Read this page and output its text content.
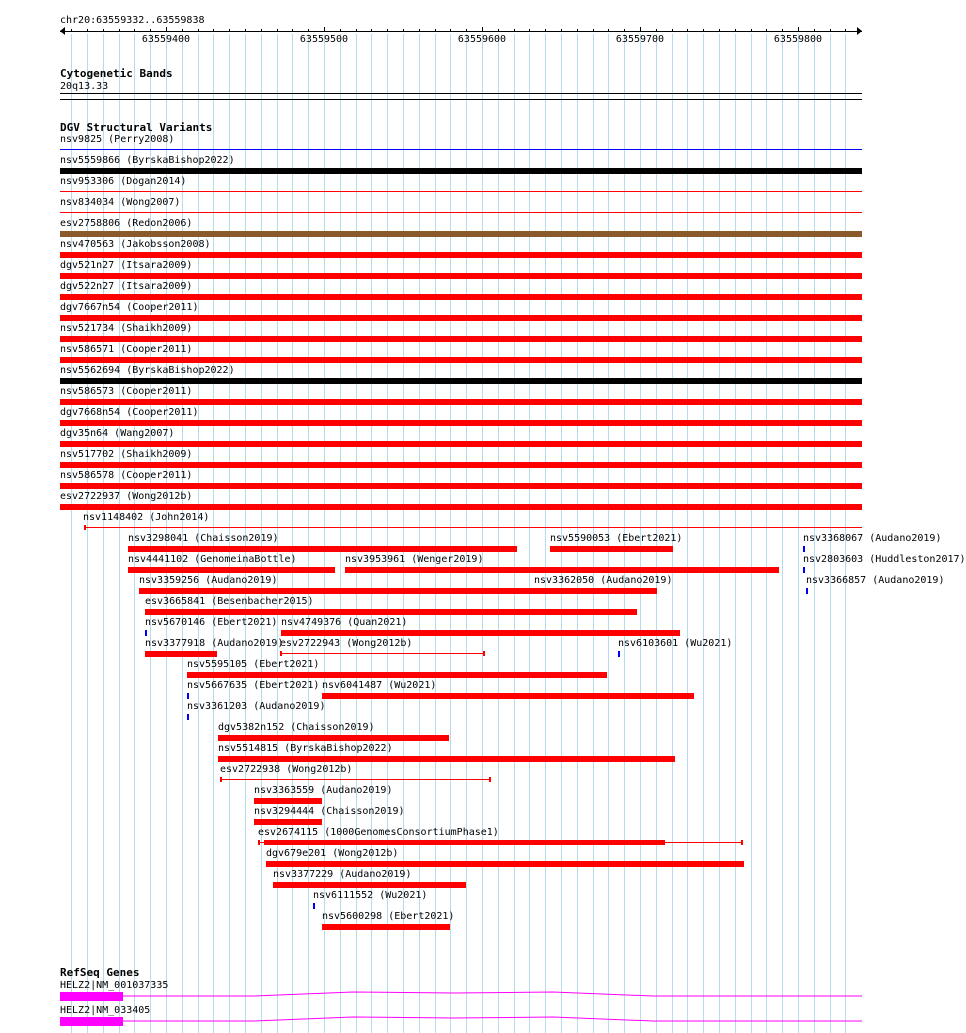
chr20:63559332..63559838
63559400	63559500	63559600	63559700	63559800
Cytogenetic Bands
20q13.33
DGV Structural Variants
nsv9825 (Perry2008)
nsv5559866 (ByrskaBishop2022)
nsv953306 (Dogan2014)
nsv834034 (Wong2007)
esv2758806 (Redon2006)
nsv470563 (Jakobsson2008)
dgv521n27 (Itsara2009)
dgv522n27 (Itsara2009)
dgv7667n54 (Cooper2011)
nsv521734 (Shaikh2009)
nsv586571 (Cooper2011)
nsv5562694 (ByrskaBishop2022)
nsv586573 (Cooper2011)
dgv7668n54 (Cooper2011)
dgv35n64 (Wang2007)
nsv517702 (Shaikh2009)
nsv586578 (Cooper2011)
esv2722937 (Wong2012b)
nsv1148402 (John2014)
nsv3298041 (Chaisson2019)	nsv5590053 (Ebert2021)	nsv3368067 (Audano2019)
nsv4441102 (GenomeinaBottle)	nsv3953961 (Wenger2019)	nsv2803603 (Huddleston2017)
nsv3359256 (Audano2019)	nsv3362050 (Audano2019)	nsv3366857 (Audano2019)
esv3665841 (Besenbacher2015)
nsv5670146 (Ebert2021) nsv4749376 (Quan2021)
nsv3377918 (Audano2019)
esv2722943 (Wong2012b)	nsv6103601 (Wu2021)
nsv5595105 (Ebert2021)
nsv5667635 (Ebert2021) nsv6041487 (Wu2021)
nsv3361203 (Audano2019)
dgv5382n152 (Chaisson2019)
nsv5514815 (ByrskaBishop2022)
esv2722938 (Wong2012b)
nsv3363559 (Audano2019)
nsv3294444 (Chaisson2019)
esv2674115 (1000GenomesConsortiumPhase1)
dgv679e201 (Wong2012b)
nsv3377229 (Audano2019)
nsv6111552 (Wu2021)
nsv5600298 (Ebert2021)
RefSeq Genes
HELZ2|NM_001037335
HELZ2|NM_033405
